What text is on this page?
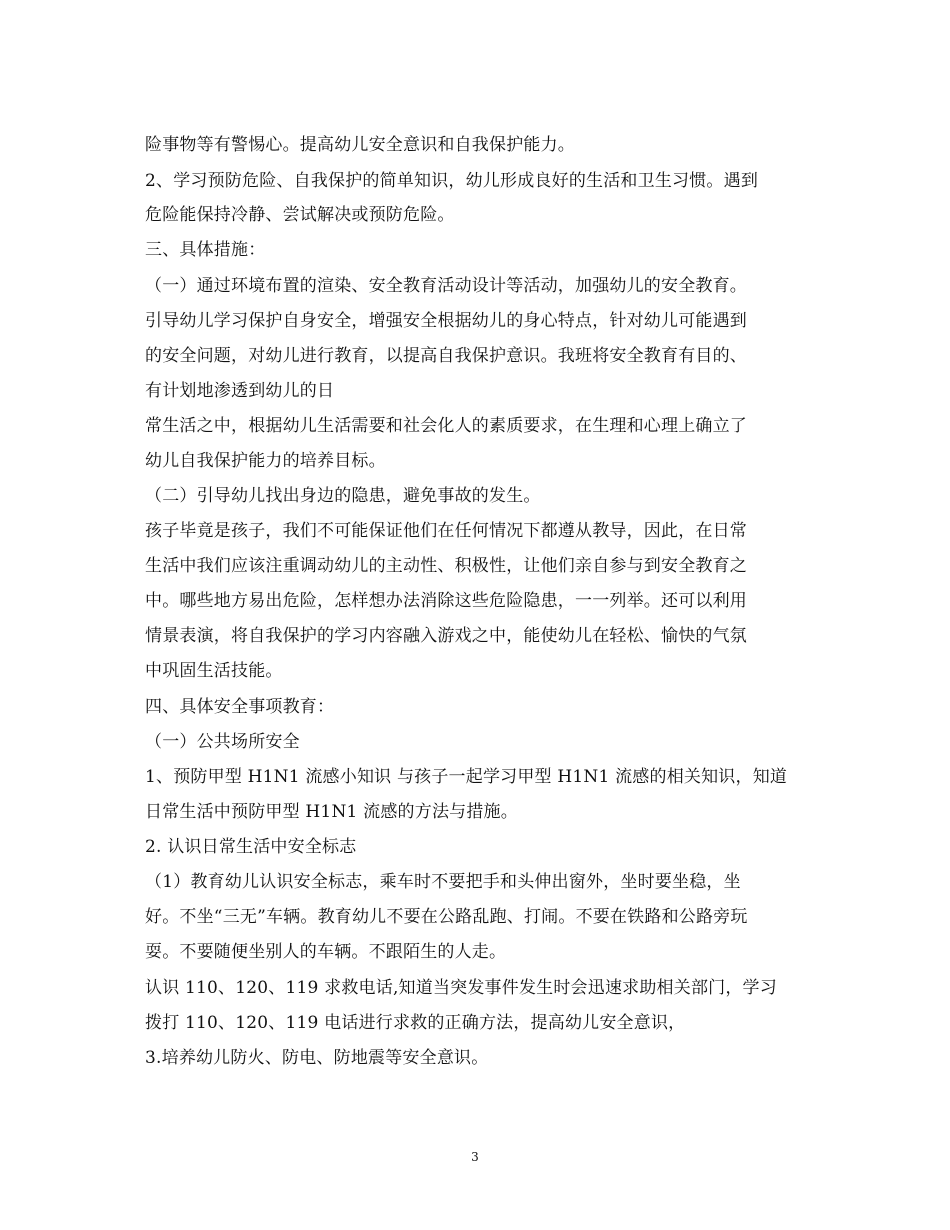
险事物等有警惕心。提高幼儿安全意识和自我保护能力。
2、学习预防危险、自我保护的简单知识，幼儿形成良好的生活和卫生习惯。遇到
危险能保持冷静、尝试解决或预防危险。
三、具体措施：
（一）通过环境布置的渲染、安全教育活动设计等活动，加强幼儿的安全教育。
引导幼儿学习保护自身安全，增强安全根据幼儿的身心特点，针对幼儿可能遇到
的安全问题，对幼儿进行教育，以提高自我保护意识。我班将安全教育有目的、
有计划地渗透到幼儿的日
常生活之中，根据幼儿生活需要和社会化人的素质要求，在生理和心理上确立了
幼儿自我保护能力的培养目标。
（二）引导幼儿找出身边的隐患，避免事故的发生。
孩子毕竟是孩子，我们不可能保证他们在任何情况下都遵从教导，因此，在日常
生活中我们应该注重调动幼儿的主动性、积极性，让他们亲自参与到安全教育之
中。哪些地方易出危险，怎样想办法消除这些危险隐患，一一列举。还可以利用
情景表演，将自我保护的学习内容融入游戏之中，能使幼儿在轻松、愉快的气氛
中巩固生活技能。
四、具体安全事项教育：
（一）公共场所安全
1、预防甲型 H1N1 流感小知识 与孩子一起学习甲型 H1N1 流感的相关知识，知道
日常生活中预防甲型 H1N1 流感的方法与措施。
2. 认识日常生活中安全标志
（1）教育幼儿认识安全标志，乘车时不要把手和头伸出窗外，坐时要坐稳，坐
好。不坐“三无”车辆。教育幼儿不要在公路乱跑、打闹。不要在铁路和公路旁玩
耍。不要随便坐别人的车辆。不跟陌生的人走。
认识 110、120、119 求救电话,知道当突发事件发生时会迅速求助相关部门，学习
拨打 110、120、119 电话进行求救的正确方法，提高幼儿安全意识，
3.培养幼儿防火、防电、防地震等安全意识。
3
